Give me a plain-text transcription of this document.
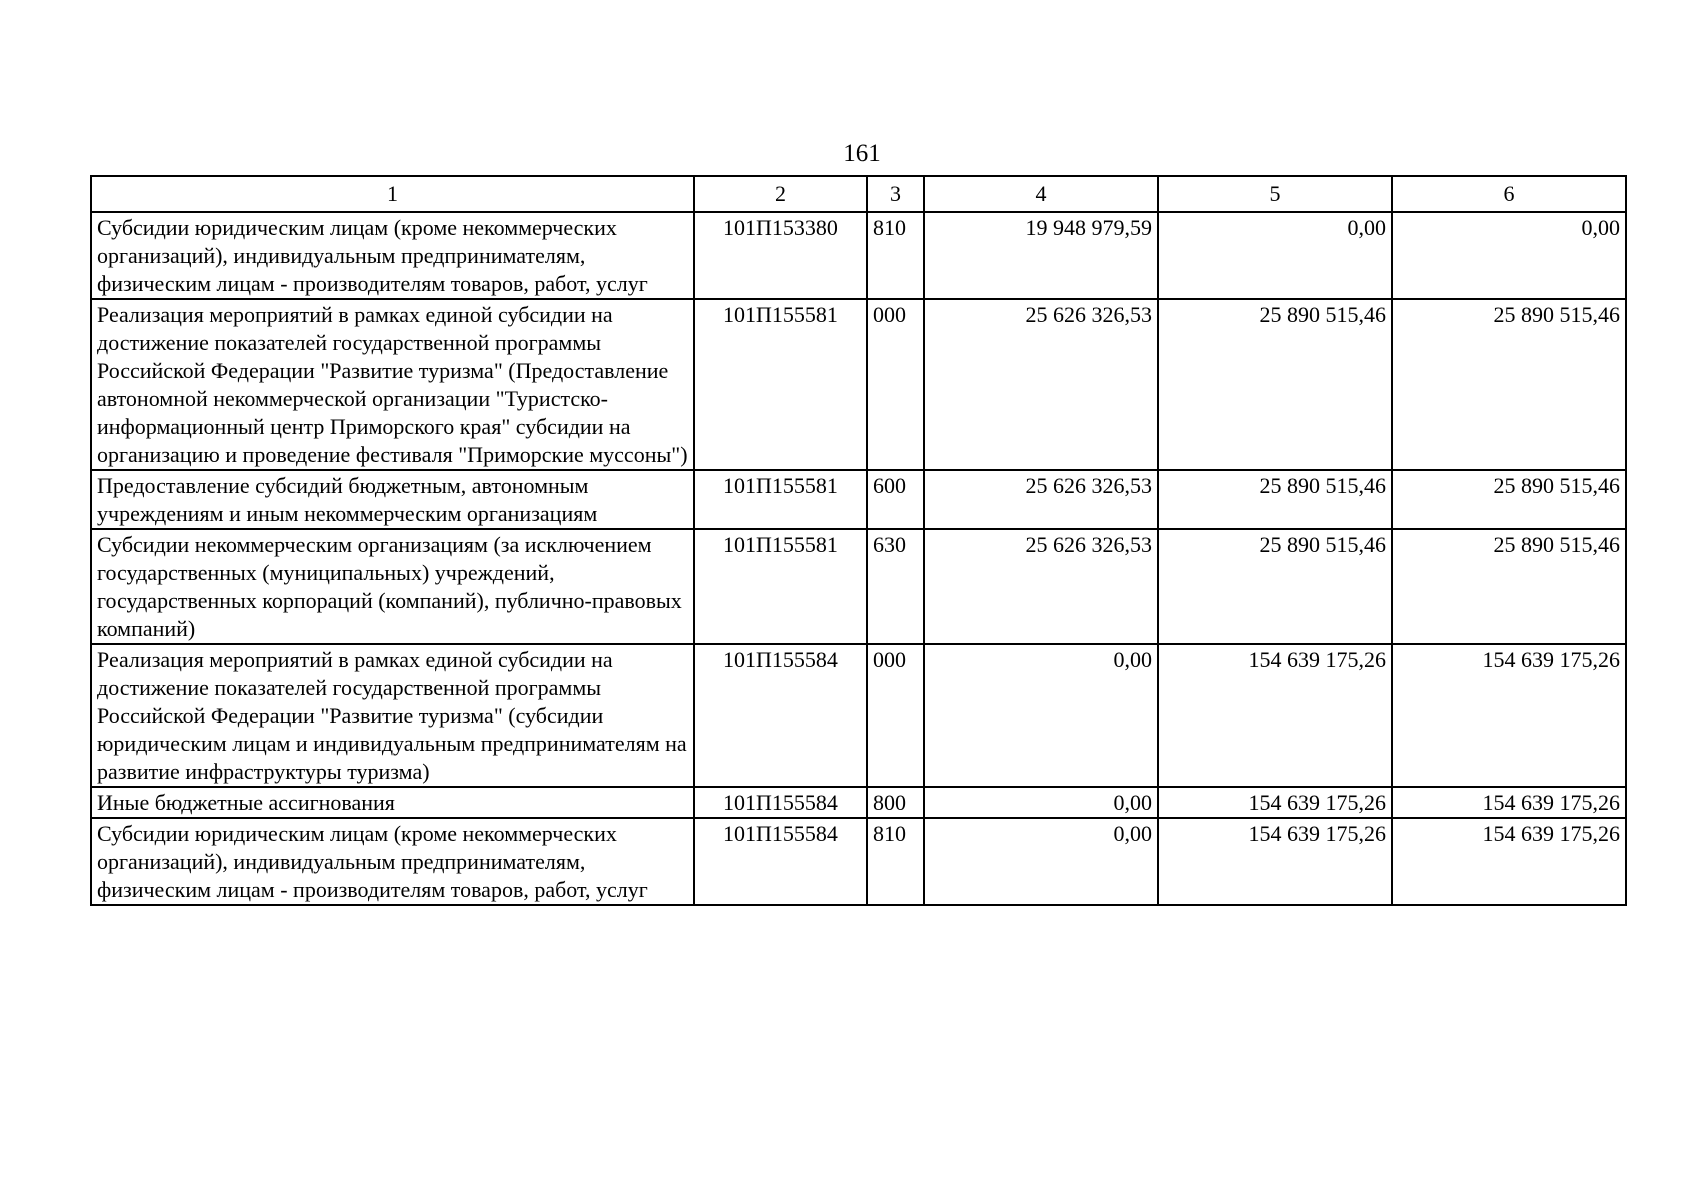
161
1	2	3	4	5	6
Субсидии юридическим лицам (кроме некоммерческих организаций), индивидуальным предпринимателям, физическим лицам - производителям товаров, работ, услуг	101П153380	810	19 948 979,59	0,00	0,00
Реализация мероприятий в рамках единой субсидии на достижение показателей государственной программы Российской Федерации "Развитие туризма" (Предоставление автономной некоммерческой организации "Туристско-информационный центр Приморского края" субсидии на организацию и проведение фестиваля "Приморские муссоны")	101П155581	000	25 626 326,53	25 890 515,46	25 890 515,46
Предоставление субсидий бюджетным, автономным учреждениям и иным некоммерческим организациям	101П155581	600	25 626 326,53	25 890 515,46	25 890 515,46
Субсидии некоммерческим организациям (за исключением государственных (муниципальных) учреждений, государственных корпораций (компаний), публично-правовых компаний)	101П155581	630	25 626 326,53	25 890 515,46	25 890 515,46
Реализация мероприятий в рамках единой субсидии на достижение показателей государственной программы Российской Федерации "Развитие туризма" (субсидии юридическим лицам и индивидуальным предпринимателям на развитие инфраструктуры туризма)	101П155584	000	0,00	154 639 175,26	154 639 175,26
Иные бюджетные ассигнования	101П155584	800	0,00	154 639 175,26	154 639 175,26
Субсидии юридическим лицам (кроме некоммерческих организаций), индивидуальным предпринимателям, физическим лицам - производителям товаров, работ, услуг	101П155584	810	0,00	154 639 175,26	154 639 175,26
